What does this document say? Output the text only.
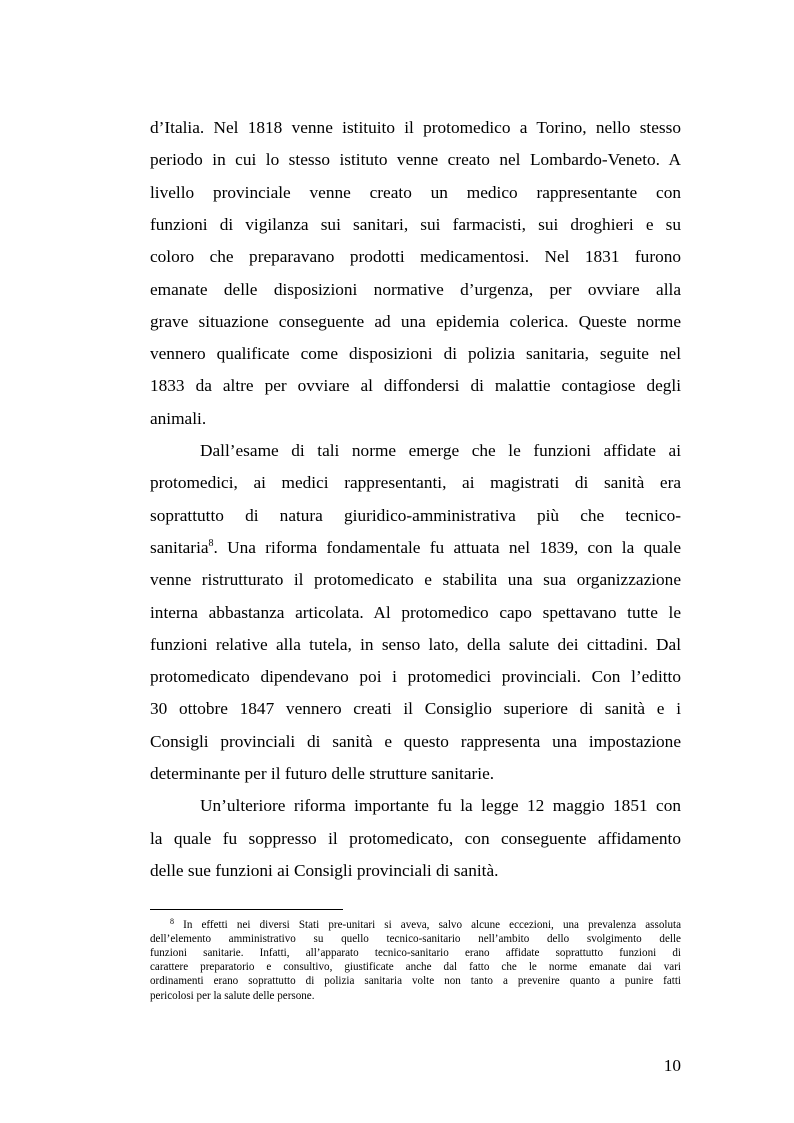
d’Italia. Nel 1818 venne istituito il protomedico a Torino, nello stesso
periodo in cui lo stesso istituto venne creato nel Lombardo-Veneto. A
livello provinciale venne creato un medico rappresentante con
funzioni di vigilanza sui sanitari, sui farmacisti, sui droghieri e su
coloro che preparavano prodotti medicamentosi. Nel 1831 furono
emanate delle disposizioni normative d’urgenza, per ovviare alla
grave situazione conseguente ad una epidemia colerica. Queste norme
vennero qualificate come disposizioni di polizia sanitaria, seguite nel
1833 da altre per ovviare al diffondersi di malattie contagiose degli
animali.
Dall’esame di tali norme emerge che le funzioni affidate ai
protomedici, ai medici rappresentanti, ai magistrati di sanità era
soprattutto di natura giuridico-amministrativa più che tecnico-
sanitaria$^8$. Una riforma fondamentale fu attuata nel 1839, con la quale
venne ristrutturato il protomedicato e stabilita una sua organizzazione
interna abbastanza articolata. Al protomedico capo spettavano tutte le
funzioni relative alla tutela, in senso lato, della salute dei cittadini. Dal
protomedicato dipendevano poi i protomedici provinciali. Con l’editto
30 ottobre 1847 vennero creati il Consiglio superiore di sanità e i
Consigli provinciali di sanità e questo rappresenta una impostazione
determinante per il futuro delle strutture sanitarie.
Un’ulteriore riforma importante fu la legge 12 maggio 1851 con
la quale fu soppresso il protomedicato, con conseguente affidamento
delle sue funzioni ai Consigli provinciali di sanità.
$^8$ In effetti nei diversi Stati pre-unitari si aveva, salvo alcune eccezioni, una prevalenza assoluta
dell’elemento amministrativo su quello tecnico-sanitario nell’ambito dello svolgimento delle
funzioni sanitarie. Infatti, all’apparato tecnico-sanitario erano affidate soprattutto funzioni di
carattere preparatorio e consultivo, giustificate anche dal fatto che le norme emanate dai vari
ordinamenti erano soprattutto di polizia sanitaria volte non tanto a prevenire quanto a punire fatti
pericolosi per la salute delle persone.
10
